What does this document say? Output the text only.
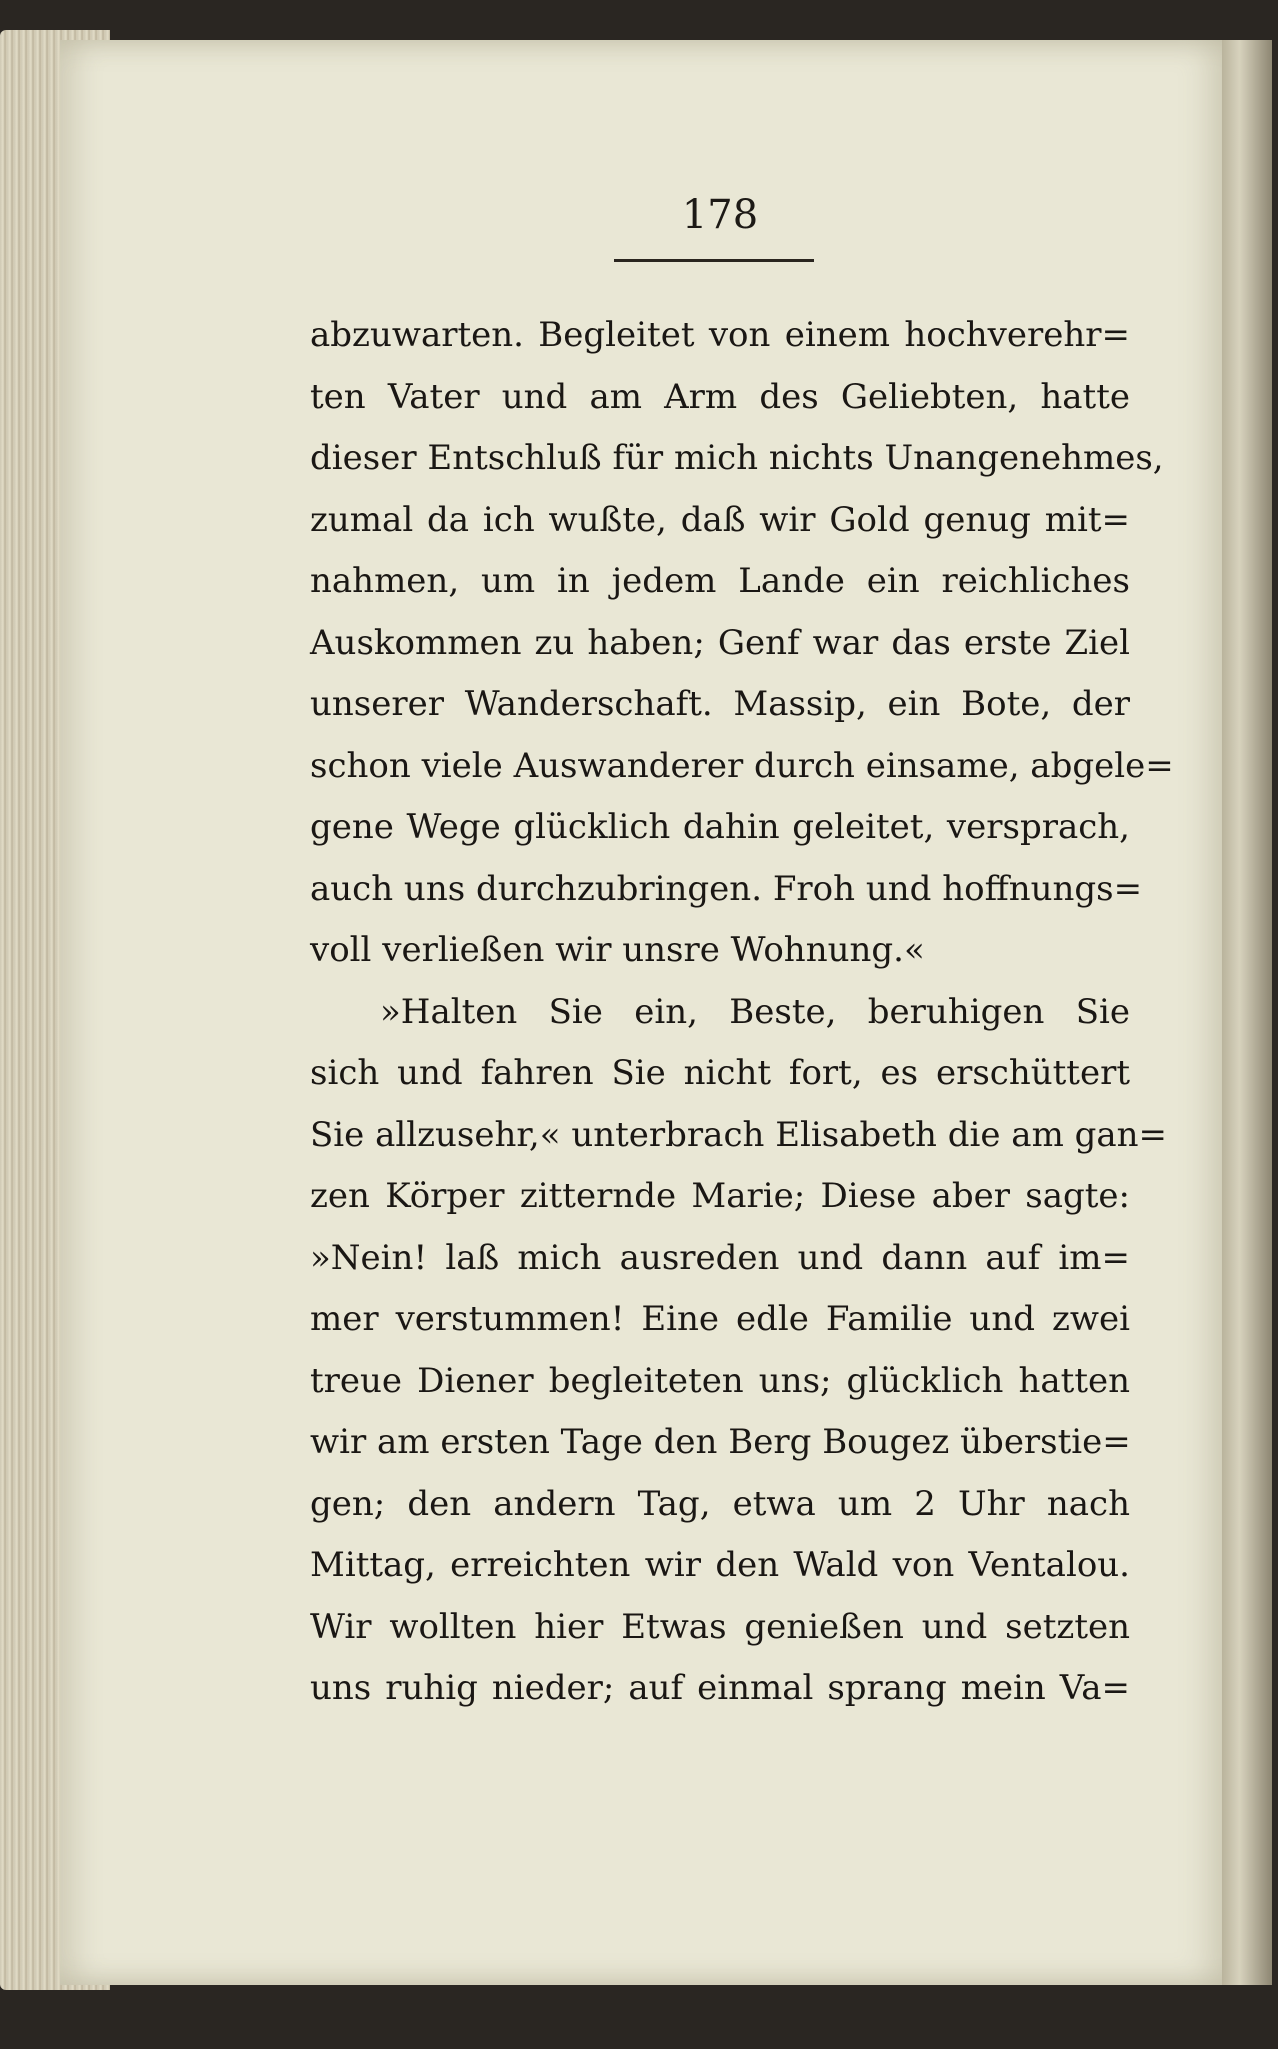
178
abzuwarten. Begleitet von einem hochverehr=
ten Vater und am Arm des Geliebten, hatte
dieser Entschluß für mich nichts Unangenehmes,
zumal da ich wußte, daß wir Gold genug mit=
nahmen, um in jedem Lande ein reichliches
Auskommen zu haben; Genf war das erste Ziel
unserer Wanderschaft. Massip, ein Bote, der
schon viele Auswanderer durch einsame, abgele=
gene Wege glücklich dahin geleitet, versprach,
auch uns durchzubringen. Froh und hoffnungs=
voll verließen wir unsre Wohnung.«
»Halten Sie ein, Beste, beruhigen Sie
sich und fahren Sie nicht fort, es erschüttert
Sie allzusehr,« unterbrach Elisabeth die am gan=
zen Körper zitternde Marie; Diese aber sagte:
»Nein! laß mich ausreden und dann auf im=
mer verstummen! Eine edle Familie und zwei
treue Diener begleiteten uns; glücklich hatten
wir am ersten Tage den Berg Bougez überstie=
gen; den andern Tag, etwa um 2 Uhr nach
Mittag, erreichten wir den Wald von Ventalou.
Wir wollten hier Etwas genießen und setzten
uns ruhig nieder; auf einmal sprang mein Va=
